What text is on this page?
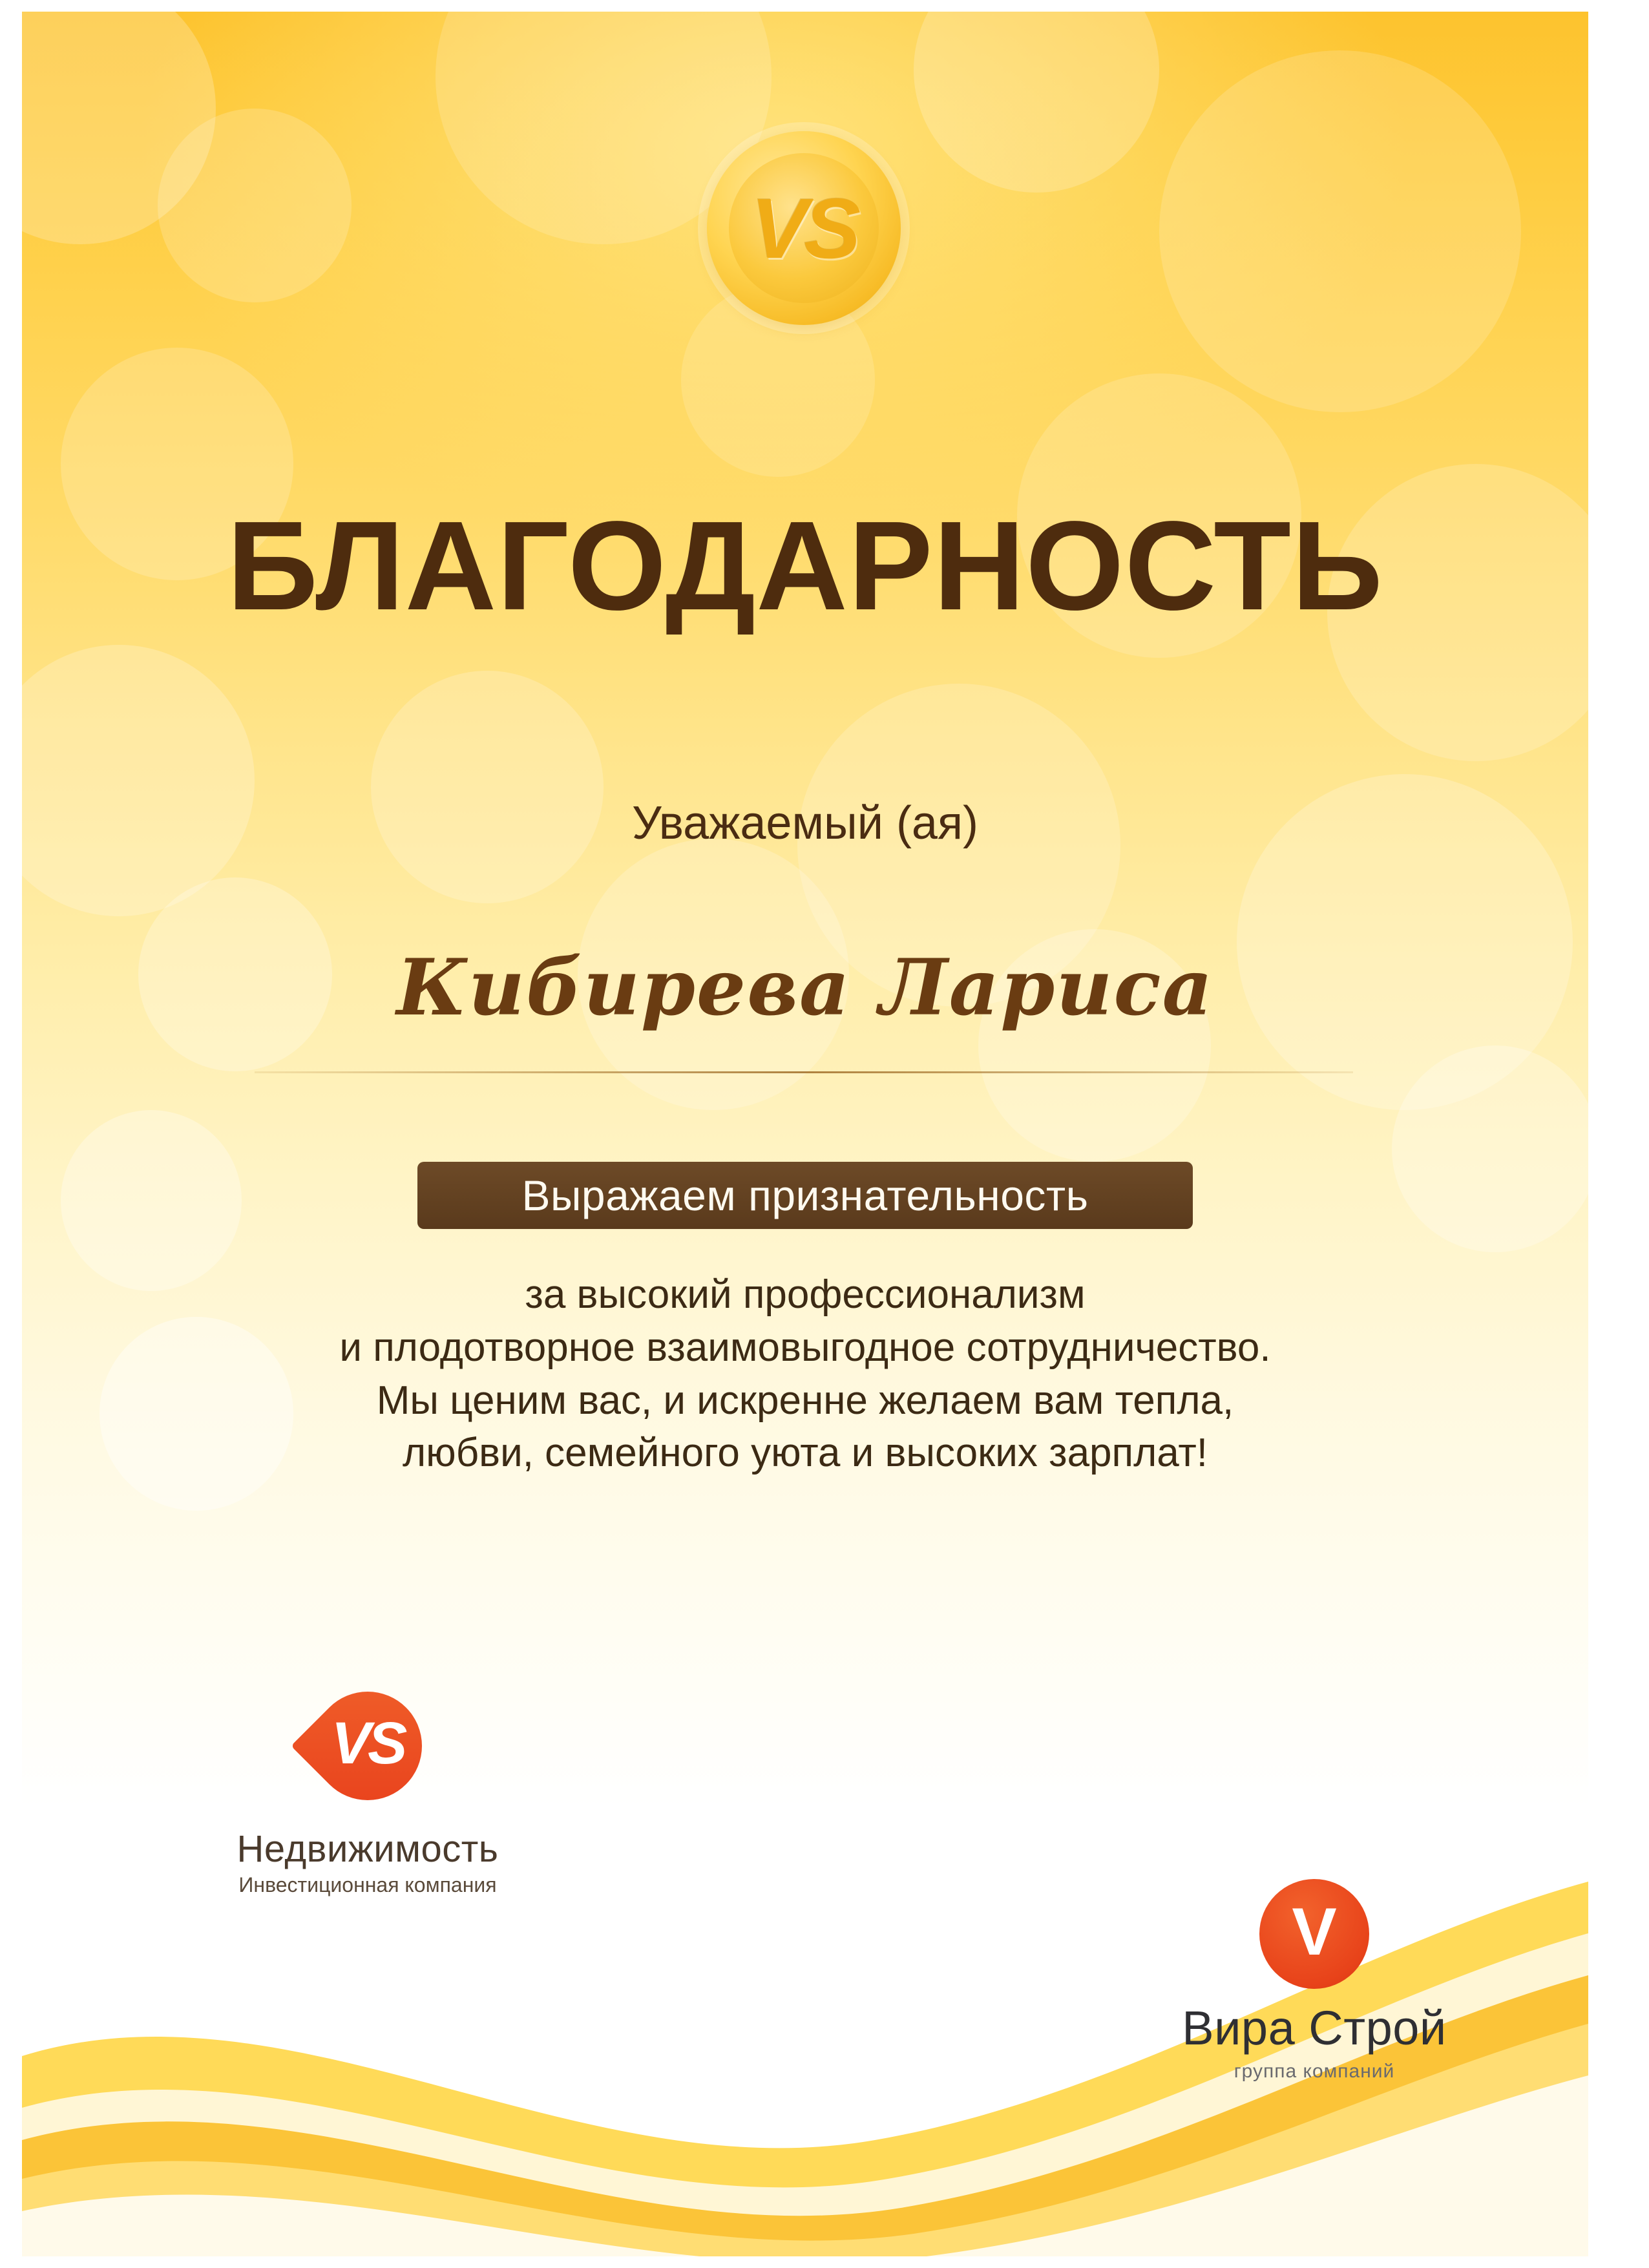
VS
БЛАГОДАРНОСТЬ
Уважаемый (ая)
Кибирева Лариса
Выражаем признательность
за высокий профессионализм
и плодотворное взаимовыгодное сотрудничество.
Мы ценим вас, и искренне желаем вам тепла,
любви, семейного уюта и высоких зарплат!
VS
Недвижимость
Инвестиционная компания
V
Вира Строй
группа компаний
